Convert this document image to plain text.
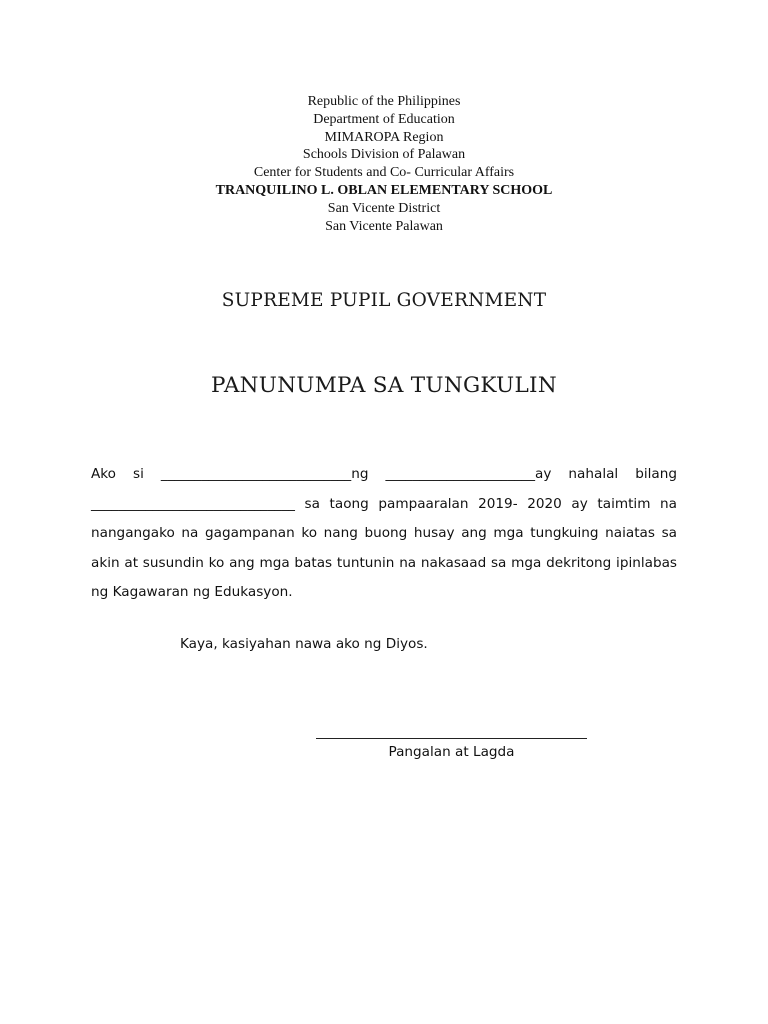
Republic of the Philippines
Department of Education
MIMAROPA Region
Schools Division of Palawan
Center for Students and Co- Curricular Affairs
TRANQUILINO L. OBLAN ELEMENTARY SCHOOL
San Vicente District
San Vicente Palawan
SUPREME PUPIL GOVERNMENT
PANUNUMPA SA TUNGKULIN
Ako si ____________________________ng ______________________ay nahalal bilang
______________________________ sa taong pampaaralan 2019- 2020 ay taimtim na
nangangako na gagampanan ko nang buong husay ang mga tungkuing naiatas sa
akin at susundin ko ang mga batas tuntunin na nakasaad sa mga dekritong ipinlabas
ng Kagawaran ng Edukasyon.
Kaya, kasiyahan nawa ako ng Diyos.
Pangalan at Lagda
